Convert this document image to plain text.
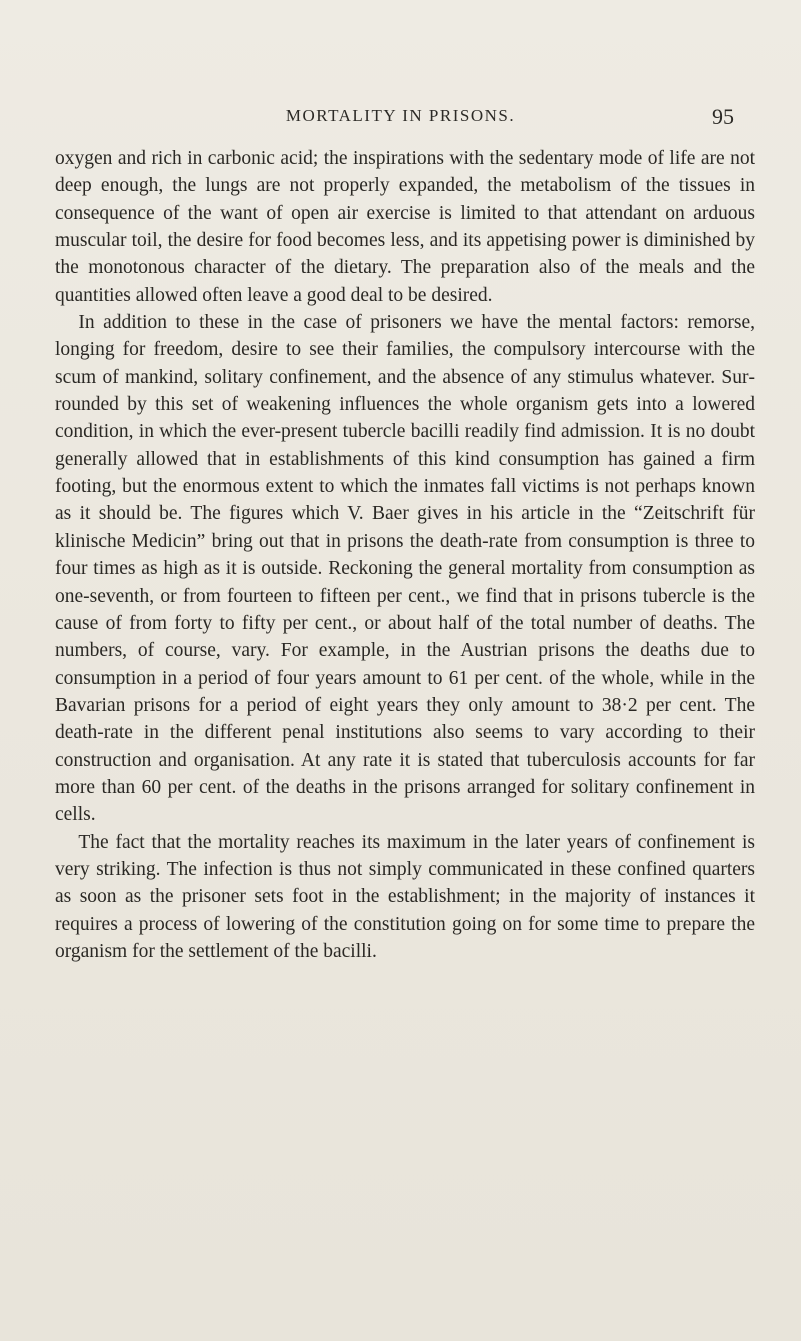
MORTALITY IN PRISONS.	95

oxygen and rich in carbonic acid; the inspirations with the sedentary mode of life are not deep enough, the lungs are not properly expanded, the metabolism of the tissues in consequence of the want of open air exercise is limited to that attendant on arduous muscular toil, the desire for food becomes less, and its appetising power is diminished by the monotonous character of the dietary. The preparation also of the meals and the quantities allowed often leave a good deal to be desired.

In addition to these in the case of prisoners we have the mental factors: remorse, longing for freedom, desire to see their families, the compulsory intercourse with the scum of mankind, solitary confinement, and the absence of any stimulus whatever. Surrounded by this set of weakening influences the whole organism gets into a lowered condition, in which the ever-present tubercle bacilli readily find admission. It is no doubt generally allowed that in establishments of this kind consumption has gained a firm footing, but the enormous extent to which the inmates fall victims is not perhaps known as it should be. The figures which V. Baer gives in his article in the “Zeitschrift für klinische Medicin” bring out that in prisons the death-rate from consumption is three to four times as high as it is outside. Reckoning the general mortality from consumption as one-seventh, or from fourteen to fifteen per cent., we find that in prisons tubercle is the cause of from forty to fifty per cent., or about half of the total number of deaths. The numbers, of course, vary. For example, in the Austrian prisons the deaths due to consumption in a period of four years amount to 61 per cent. of the whole, while in the Bavarian prisons for a period of eight years they only amount to 38·2 per cent. The death-rate in the different penal institutions also seems to vary according to their construction and organisation. At any rate it is stated that tuberculosis accounts for far more than 60 per cent. of the deaths in the prisons arranged for solitary confinement in cells.

The fact that the mortality reaches its maximum in the later years of confinement is very striking. The infection is thus not simply communicated in these confined quarters as soon as the prisoner sets foot in the establishment; in the majority of instances it requires a process of lowering of the constitution going on for some time to prepare the organism for the settlement of the bacilli.
